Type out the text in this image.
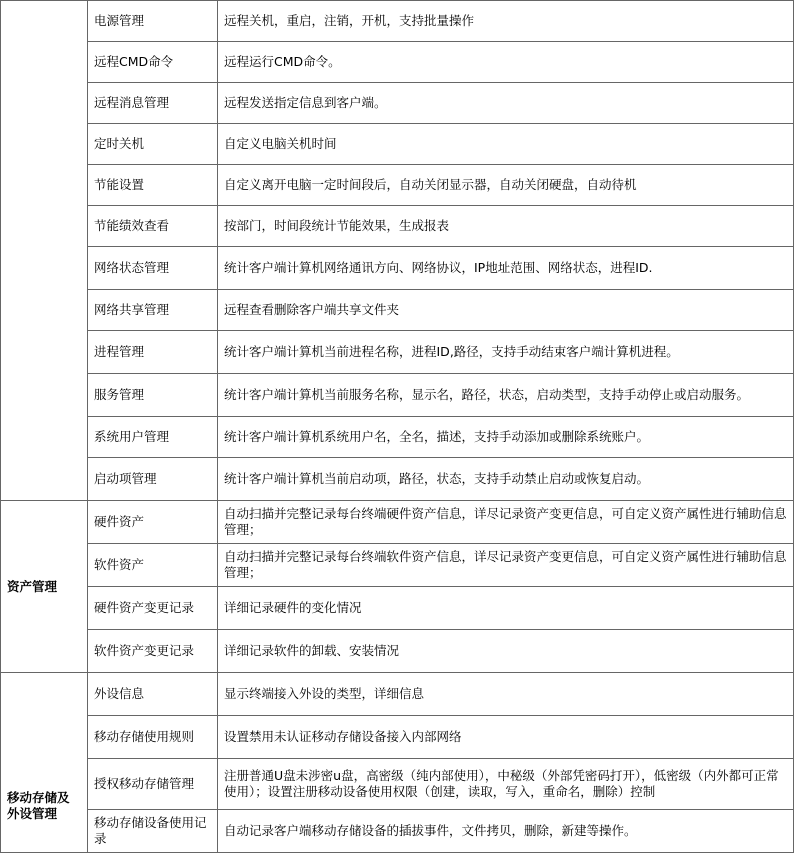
	电源管理	远程关机，重启，注销，开机，支持批量操作
	远程CMD命令	远程运行CMD命令。
	远程消息管理	远程发送指定信息到客户端。
	定时关机	自定义电脑关机时间
	节能设置	自定义离开电脑一定时间段后，自动关闭显示器，自动关闭硬盘，自动待机
	节能绩效查看	按部门，时间段统计节能效果，生成报表
	网络状态管理	统计客户端计算机网络通讯方向、网络协议，IP地址范围、网络状态，进程ID.
	网络共享管理	远程查看删除客户端共享文件夹
	进程管理	统计客户端计算机当前进程名称，进程ID,路径，支持手动结束客户端计算机进程。
	服务管理	统计客户端计算机当前服务名称，显示名，路径，状态，启动类型，支持手动停止或启动服务。
	系统用户管理	统计客户端计算机系统用户名，全名，描述，支持手动添加或删除系统账户。
	启动项管理	统计客户端计算机当前启动项，路径，状态，支持手动禁止启动或恢复启动。
资产管理	硬件资产	自动扫描并完整记录每台终端硬件资产信息，详尽记录资产变更信息，可自定义资产属性进行辅助信息管理；
	软件资产	自动扫描并完整记录每台终端软件资产信息，详尽记录资产变更信息，可自定义资产属性进行辅助信息管理；
	硬件资产变更记录	详细记录硬件的变化情况
	软件资产变更记录	详细记录软件的卸载、安装情况
移动存储及外设管理	外设信息	显示终端接入外设的类型，详细信息
	移动存储使用规则	设置禁用未认证移动存储设备接入内部网络
	授权移动存储管理	注册普通U盘未涉密u盘，高密级（纯内部使用），中秘级（外部凭密码打开），低密级（内外都可正常使用）；设置注册移动设备使用权限（创建，读取，写入，重命名，删除）控制
	移动存储设备使用记录	自动记录客户端移动存储设备的插拔事件，文件拷贝，删除，新建等操作。
